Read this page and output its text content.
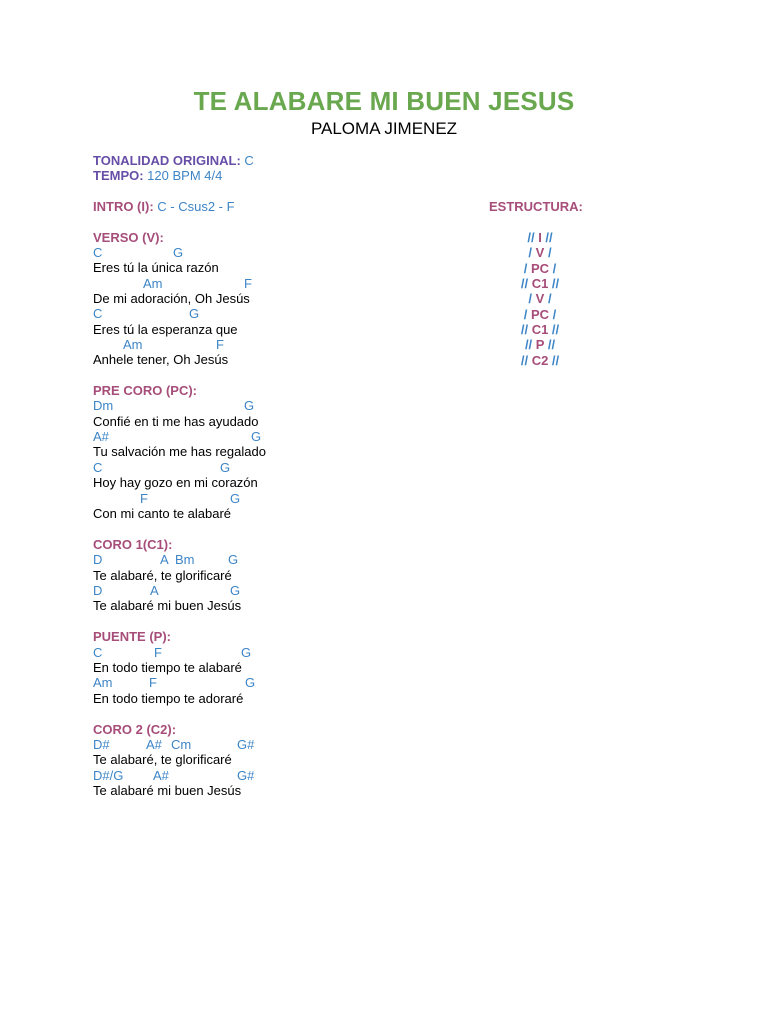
TE ALABARE MI BUEN JESUS
PALOMA JIMENEZ
TONALIDAD ORIGINAL: C
TEMPO: 120 BPM 4/4
INTRO (I): C - Csus2 - F	ESTRUCTURA:
// I //
/ V /
/ PC /
// C1 //
/ V /
/ PC /
// C1 //
// P //
// C2 //
VERSO (V):

C

	G

Eres tú la única razón

Am

	F

De mi adoración, Oh Jesús

C

	G

Eres tú la esperanza que

Am

	F

Anhele tener, Oh Jesús
PRE CORO (PC):

Dm

	G

Confié en ti me has ayudado

A#

	G

Tu salvación me has regalado

C

	G

Hoy hay gozo en mi corazón

F

	G

Con mi canto te alabaré
CORO 1(C1):

D

	A

Bm

	G

Te alabaré, te glorificaré

D

	A

	G

Te alabaré mi buen Jesús
PUENTE (P):

C

	F

	G

En todo tiempo te alabaré

Am

	F

	G

En todo tiempo te adoraré
CORO 2 (C2):

D#

	A#

Cm

	G#

Te alabaré, te glorificaré

D#/G

A#

	G#

Te alabaré mi buen Jesús
